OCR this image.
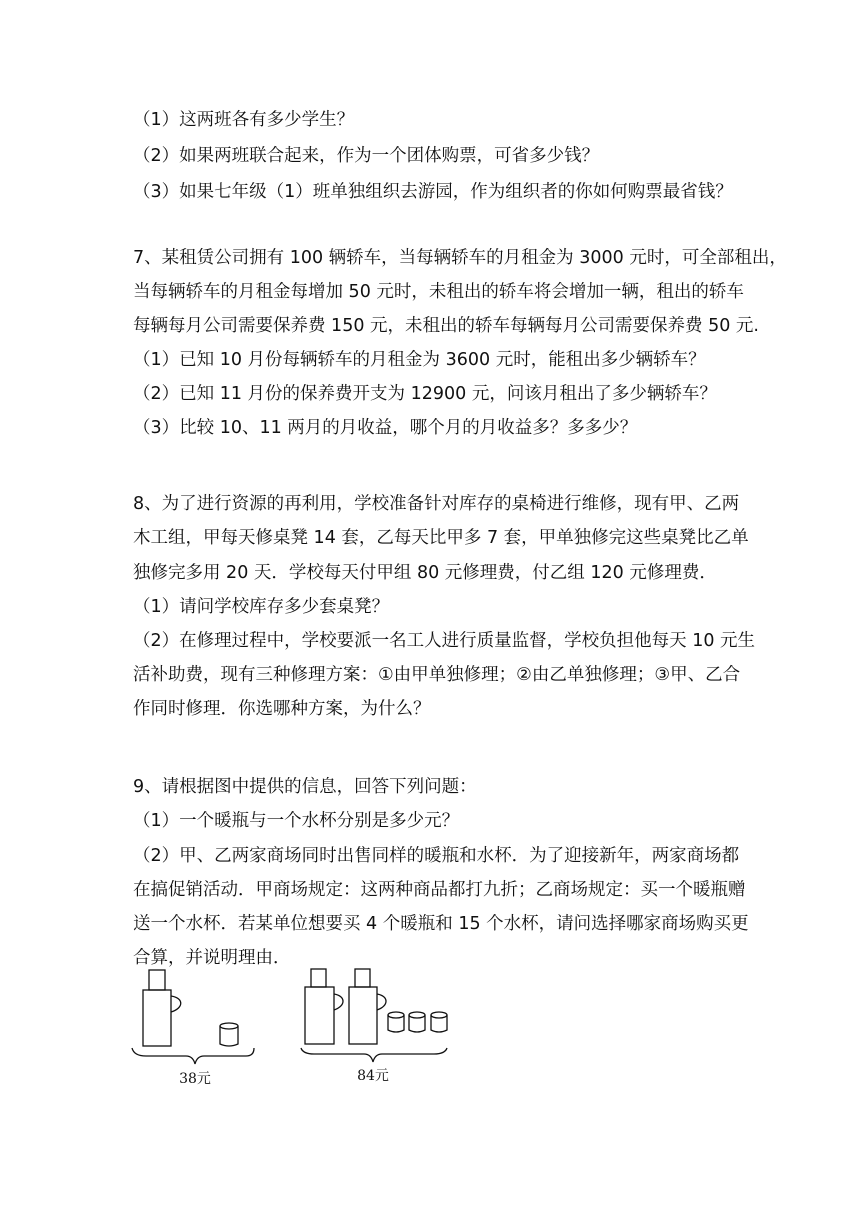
（1）这两班各有多少学生？
（2）如果两班联合起来，作为一个团体购票，可省多少钱？
（3）如果七年级（1）班单独组织去游园，作为组织者的你如何购票最省钱？
7、某租赁公司拥有 100 辆轿车，当每辆轿车的月租金为 3000 元时，可全部租出，
当每辆轿车的月租金每增加 50 元时，未租出的轿车将会增加一辆，租出的轿车
每辆每月公司需要保养费 150 元，未租出的轿车每辆每月公司需要保养费 50 元.
（1）已知 10 月份每辆轿车的月租金为 3600 元时，能租出多少辆轿车？
（2）已知 11 月份的保养费开支为 12900 元，问该月租出了多少辆轿车？
（3）比较 10、11 两月的月收益，哪个月的月收益多？多多少？
8、为了进行资源的再利用，学校准备针对库存的桌椅进行维修，现有甲、乙两
木工组，甲每天修桌凳 14 套，乙每天比甲多 7 套，甲单独修完这些桌凳比乙单
独修完多用 20 天．学校每天付甲组 80 元修理费，付乙组 120 元修理费．
（1）请问学校库存多少套桌凳？
（2）在修理过程中，学校要派一名工人进行质量监督，学校负担他每天 10 元生
活补助费，现有三种修理方案：①由甲单独修理；②由乙单独修理；③甲、乙合
作同时修理．你选哪种方案，为什么？
9、请根据图中提供的信息，回答下列问题：
（1）一个暖瓶与一个水杯分别是多少元？
（2）甲、乙两家商场同时出售同样的暖瓶和水杯．为了迎接新年，两家商场都
在搞促销活动．甲商场规定：这两种商品都打九折；乙商场规定：买一个暖瓶赠
送一个水杯．若某单位想要买 4 个暖瓶和 15 个水杯，请问选择哪家商场购买更
合算，并说明理由．
38元	84元
